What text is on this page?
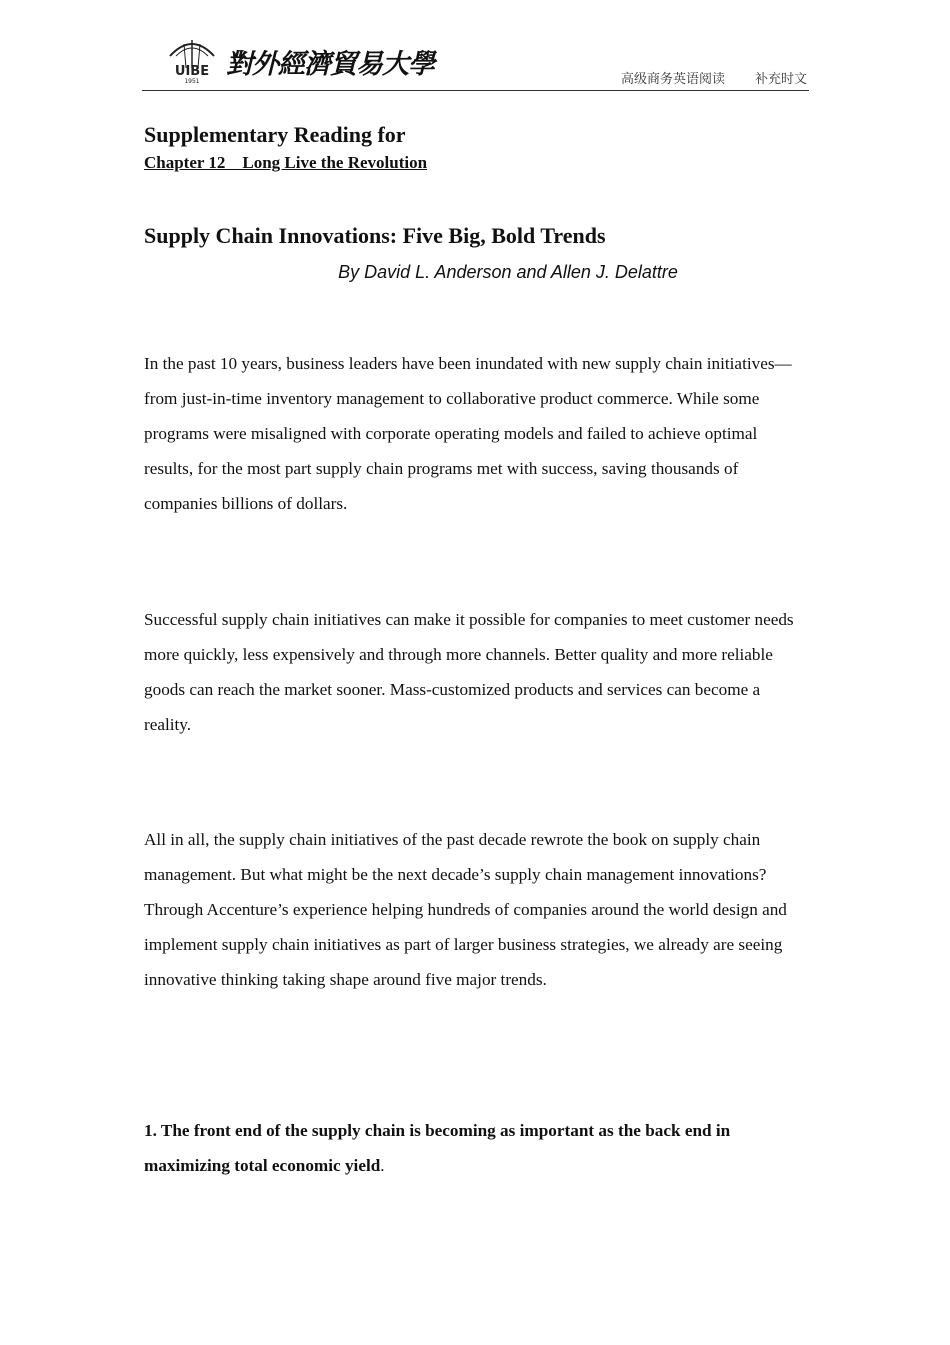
UIBE
1951
對外經濟貿易大學	高级商务英语阅读 补充时文
Supplementary Reading for
Chapter 12    Long Live the Revolution
Supply Chain Innovations: Five Big, Bold Trends
By David L. Anderson and Allen J. Delattre

In the past 10 years, business leaders have been inundated with new supply chain initiatives—from just-in-time inventory management to collaborative product commerce. While some programs were misaligned with corporate operating models and failed to achieve optimal results, for the most part supply chain programs met with success, saving thousands of companies billions of dollars.

Successful supply chain initiatives can make it possible for companies to meet customer needs more quickly, less expensively and through more channels. Better quality and more reliable goods can reach the market sooner. Mass-customized products and services can become a reality.

All in all, the supply chain initiatives of the past decade rewrote the book on supply chain management. But what might be the next decade’s supply chain management innovations? Through Accenture’s experience helping hundreds of companies around the world design and implement supply chain initiatives as part of larger business strategies, we already are seeing innovative thinking taking shape around five major trends.

1. The front end of the supply chain is becoming as important as the back end in maximizing total economic yield.
